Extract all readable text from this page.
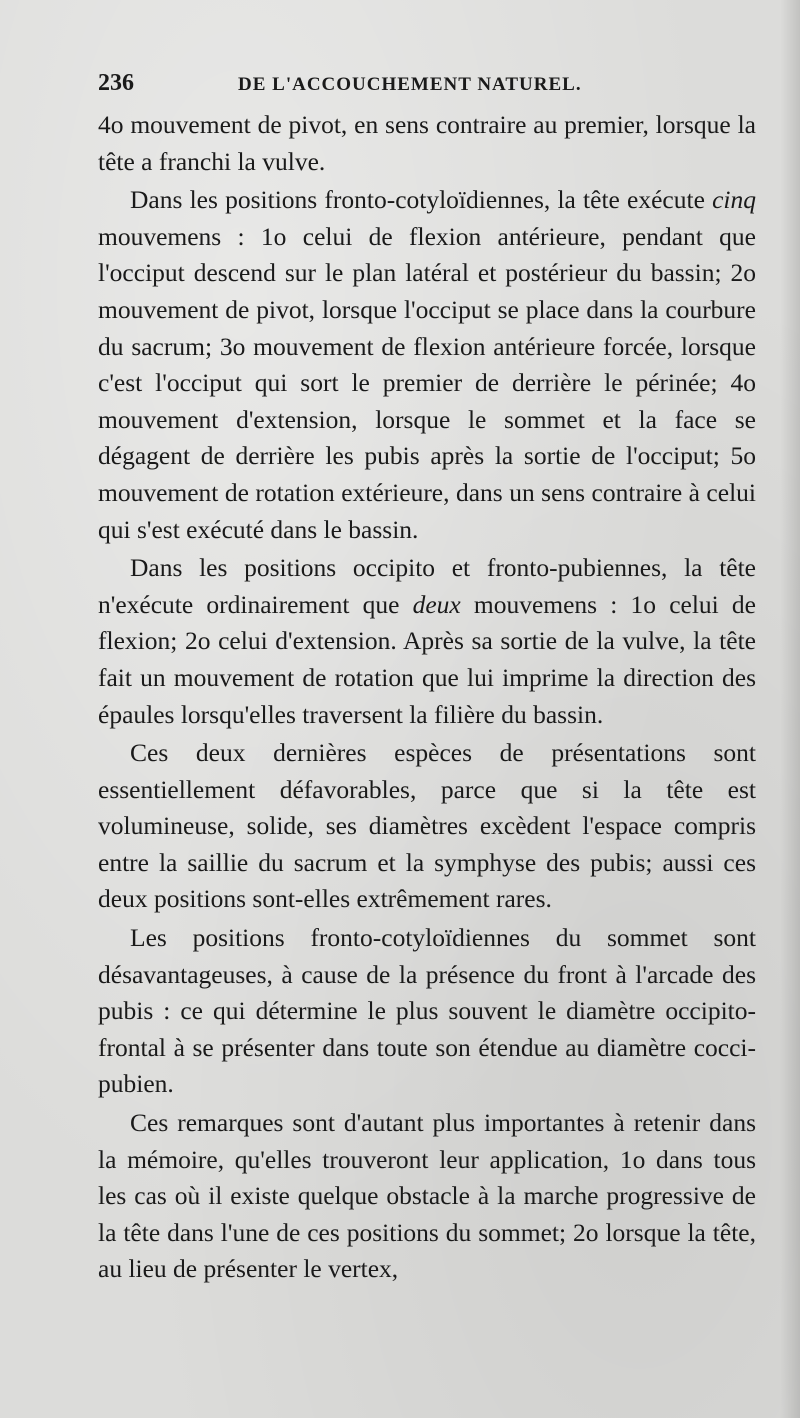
236	DE L'ACCOUCHEMENT NATUREL.

4o mouvement de pivot, en sens contraire au premier, lorsque la tête a franchi la vulve.

Dans les positions fronto-cotyloïdiennes, la tête exécute cinq mouvemens : 1o celui de flexion antérieure, pendant que l'occiput descend sur le plan latéral et postérieur du bassin; 2o mouvement de pivot, lorsque l'occiput se place dans la courbure du sacrum; 3o mouvement de flexion antérieure forcée, lorsque c'est l'occiput qui sort le premier de derrière le périnée; 4o mouvement d'extension, lorsque le sommet et la face se dégagent de derrière les pubis après la sortie de l'occiput; 5o mouvement de rotation extérieure, dans un sens contraire à celui qui s'est exécuté dans le bassin.

Dans les positions occipito et fronto-pubiennes, la tête n'exécute ordinairement que deux mouvemens : 1o celui de flexion; 2o celui d'extension. Après sa sortie de la vulve, la tête fait un mouvement de rotation que lui imprime la direction des épaules lorsqu'elles traversent la filière du bassin.

Ces deux dernières espèces de présentations sont essentiellement défavorables, parce que si la tête est volumineuse, solide, ses diamètres excèdent l'espace compris entre la saillie du sacrum et la symphyse des pubis; aussi ces deux positions sont-elles extrêmement rares.

Les positions fronto-cotyloïdiennes du sommet sont désavantageuses, à cause de la présence du front à l'arcade des pubis : ce qui détermine le plus souvent le diamètre occipito-frontal à se présenter dans toute son étendue au diamètre cocci-pubien.

Ces remarques sont d'autant plus importantes à retenir dans la mémoire, qu'elles trouveront leur application, 1o dans tous les cas où il existe quelque obstacle à la marche progressive de la tête dans l'une de ces positions du sommet; 2o lorsque la tête, au lieu de présenter le vertex,
